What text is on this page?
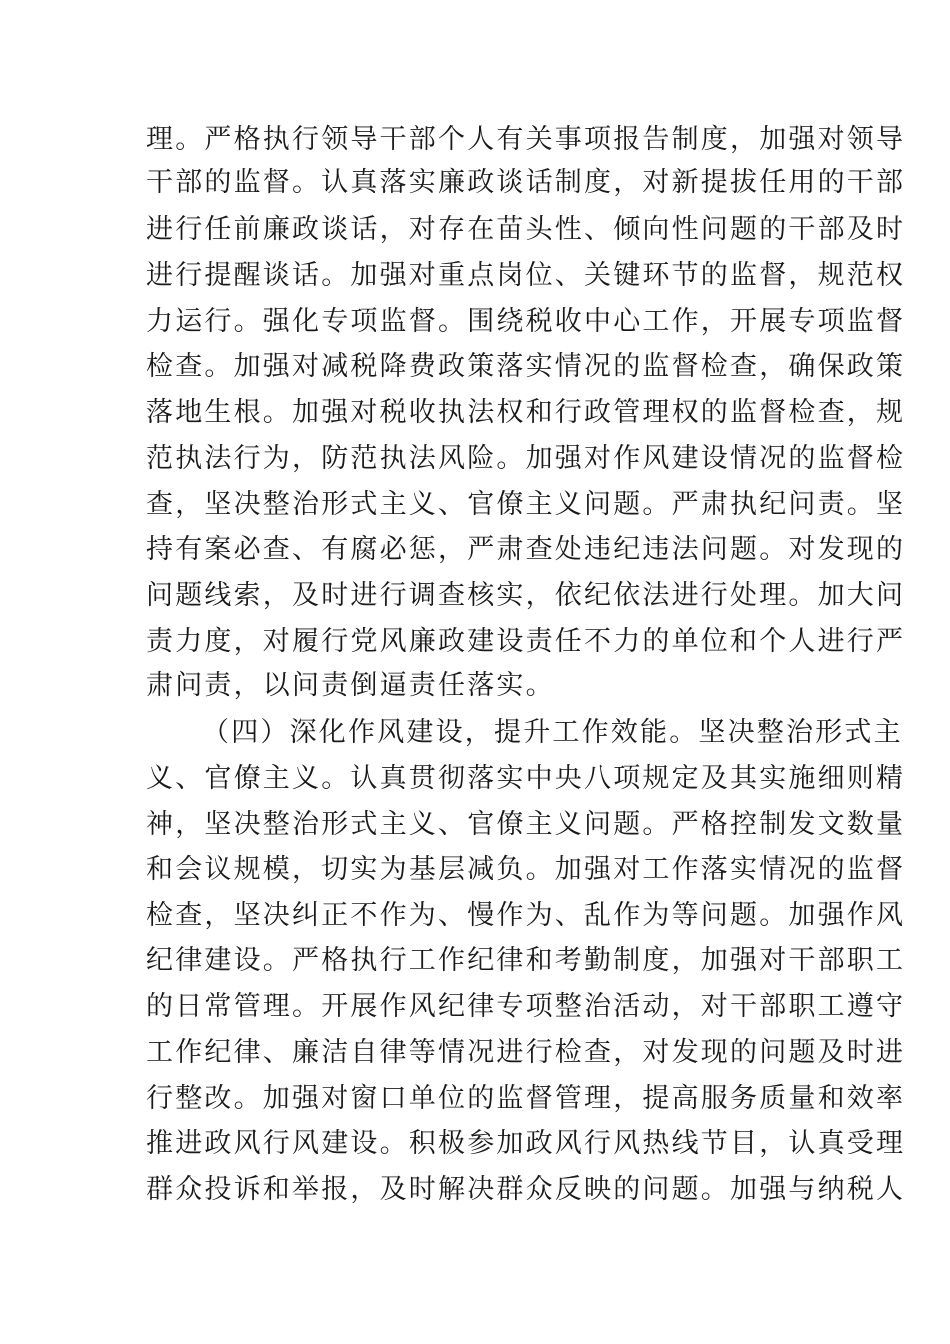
理。严格执行领导干部个人有关事项报告制度，加强对领导
干部的监督。认真落实廉政谈话制度，对新提拔任用的干部
进行任前廉政谈话，对存在苗头性、倾向性问题的干部及时
进行提醒谈话。加强对重点岗位、关键环节的监督，规范权
力运行。强化专项监督。围绕税收中心工作，开展专项监督
检查。加强对减税降费政策落实情况的监督检查，确保政策
落地生根。加强对税收执法权和行政管理权的监督检查，规
范执法行为，防范执法风险。加强对作风建设情况的监督检
查，坚决整治形式主义、官僚主义问题。严肃执纪问责。坚
持有案必查、有腐必惩，严肃查处违纪违法问题。对发现的
问题线索，及时进行调查核实，依纪依法进行处理。加大问
责力度，对履行党风廉政建设责任不力的单位和个人进行严
肃问责，以问责倒逼责任落实。
（四）深化作风建设，提升工作效能。坚决整治形式主
义、官僚主义。认真贯彻落实中央八项规定及其实施细则精
神，坚决整治形式主义、官僚主义问题。严格控制发文数量
和会议规模，切实为基层减负。加强对工作落实情况的监督
检查，坚决纠正不作为、慢作为、乱作为等问题。加强作风
纪律建设。严格执行工作纪律和考勤制度，加强对干部职工
的日常管理。开展作风纪律专项整治活动，对干部职工遵守
工作纪律、廉洁自律等情况进行检查，对发现的问题及时进
行整改。加强对窗口单位的监督管理，提高服务质量和效率
推进政风行风建设。积极参加政风行风热线节目，认真受理
群众投诉和举报，及时解决群众反映的问题。加强与纳税人
